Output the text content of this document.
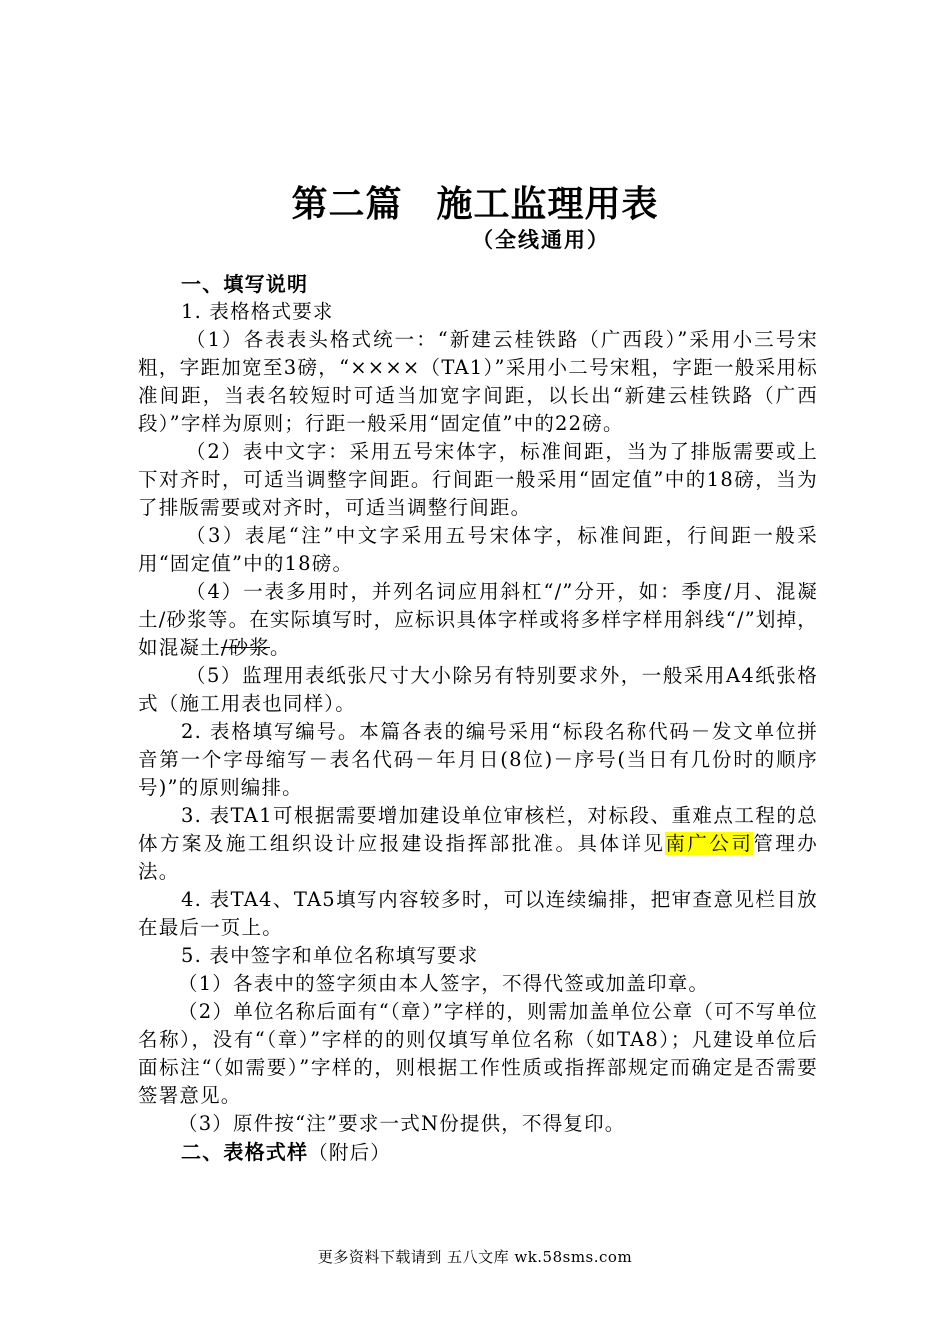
第二篇 施工监理用表
（全线通用）

一、填写说明

1. 表格格式要求

（1）各表表头格式统一：“新建云桂铁路（广西段）”采用小三号宋粗，字距加宽至3磅，“××××（TA1）”采用小二号宋粗，字距一般采用标准间距，当表名较短时可适当加宽字间距，以长出“新建云桂铁路（广西段）”字样为原则；行距一般采用“固定值”中的22磅。

（2）表中文字：采用五号宋体字，标准间距，当为了排版需要或上下对齐时，可适当调整字间距。行间距一般采用“固定值”中的18磅，当为了排版需要或对齐时，可适当调整行间距。

（3）表尾“注”中文字采用五号宋体字，标准间距，行间距一般采用“固定值”中的18磅。

（4）一表多用时，并列名词应用斜杠“/”分开，如：季度/月、混凝土/砂浆等。在实际填写时，应标识具体字样或将多样字样用斜线“/”划掉，如混凝土/砂浆。

（5）监理用表纸张尺寸大小除另有特别要求外，一般采用A4纸张格式（施工用表也同样）。

2. 表格填写编号。本篇各表的编号采用“标段名称代码－发文单位拼音第一个字母缩写－表名代码－年月日(8位)－序号(当日有几份时的顺序号)”的原则编排。

3. 表TA1可根据需要增加建设单位审核栏，对标段、重难点工程的总体方案及施工组织设计应报建设指挥部批准。具体详见南广公司管理办法。

4. 表TA4、TA5填写内容较多时，可以连续编排，把审查意见栏目放在最后一页上。

5. 表中签字和单位名称填写要求

（1）各表中的签字须由本人签字，不得代签或加盖印章。

（2）单位名称后面有“（章）”字样的，则需加盖单位公章（可不写单位名称），没有“（章）”字样的的则仅填写单位名称（如TA8）；凡建设单位后面标注“（如需要）”字样的，则根据工作性质或指挥部规定而确定是否需要签署意见。

（3）原件按“注”要求一式N份提供，不得复印。

二、表格式样（附后）

更多资料下载请到 五八文库 wk.58sms.com
